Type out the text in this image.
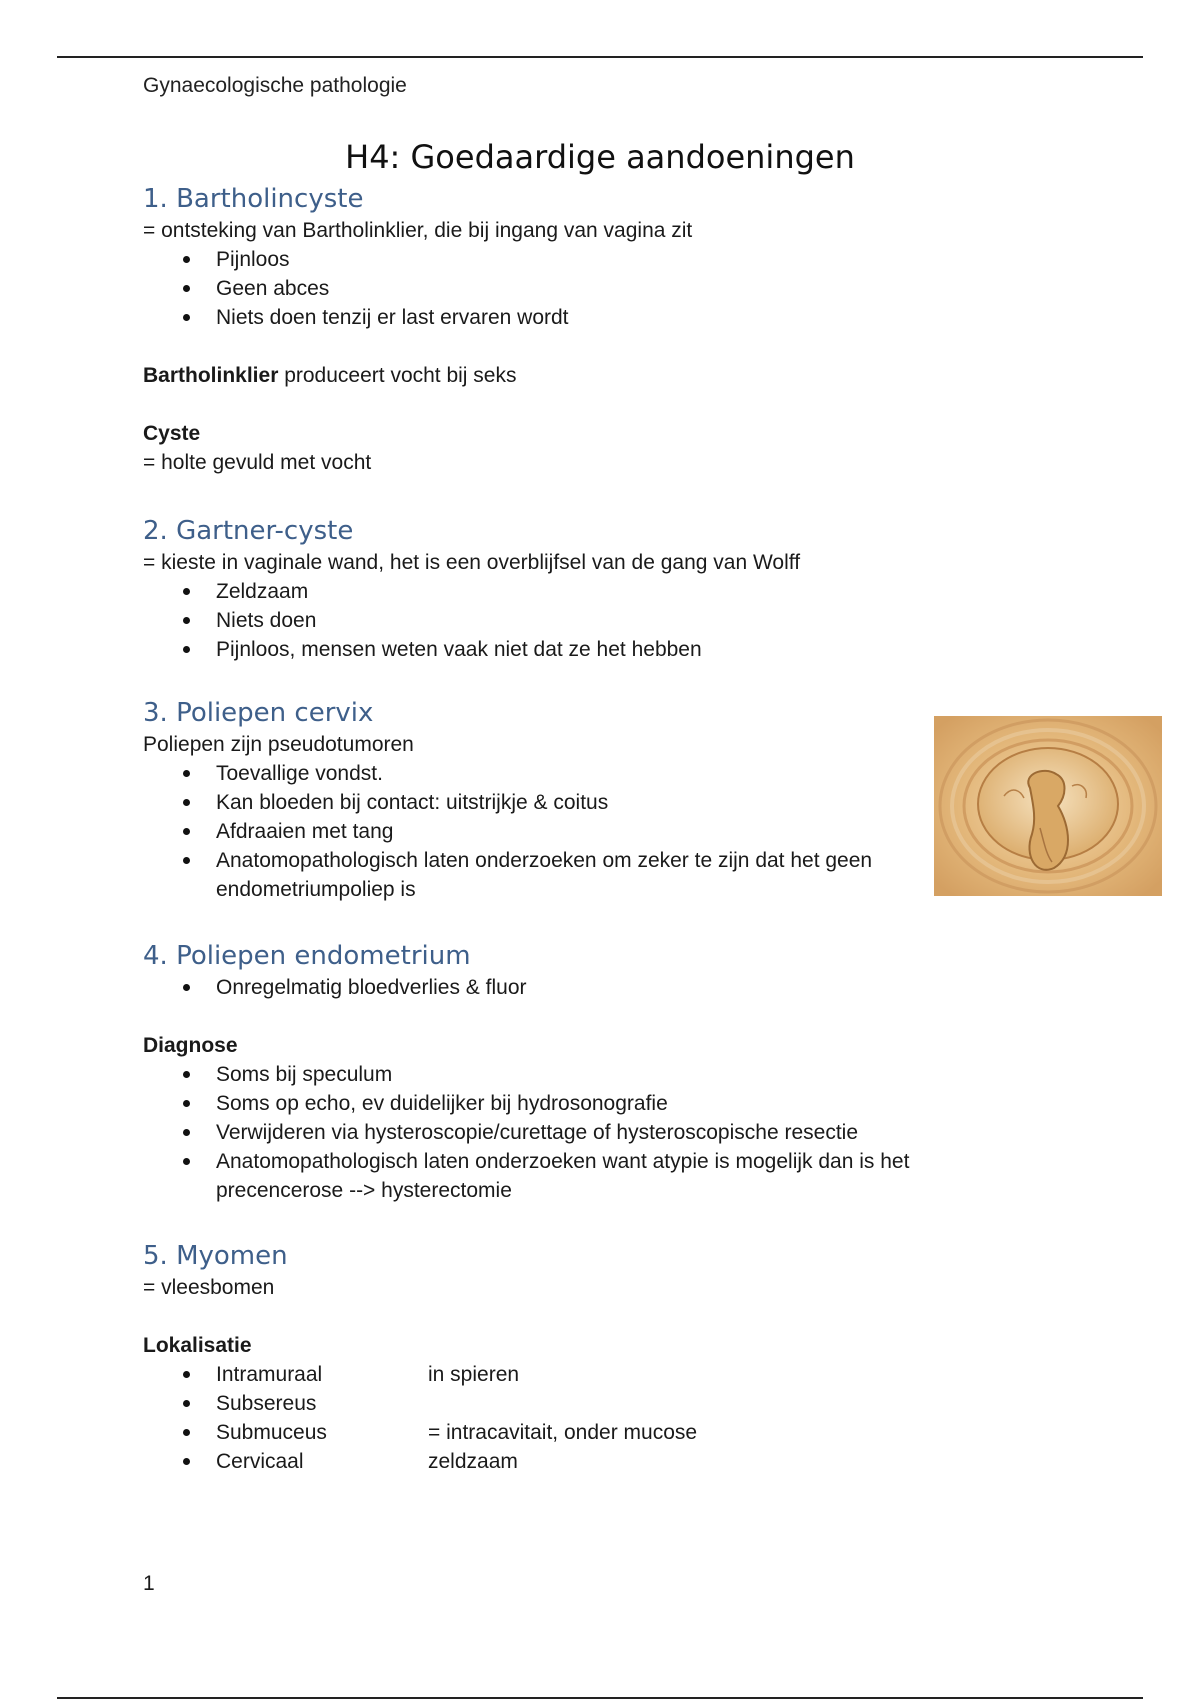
Gynaecologische pathologie
H4: Goedaardige aandoeningen
1. Bartholincyste

= ontsteking van Bartholinklier, die bij ingang van vagina zit

Pijnloos
Geen abces
Niets doen tenzij er last ervaren wordt

Bartholinklier produceert vocht bij seks

Cyste

= holte gevuld met vocht

2. Gartner-cyste

= kieste in vaginale wand, het is een overblijfsel van de gang van Wolff

Zeldzaam
Niets doen
Pijnloos, mensen weten vaak niet dat ze het hebben
3. Poliepen cervix

Poliepen zijn pseudotumoren

Toevallige vondst.
Kan bloeden bij contact: uitstrijkje & coitus
Afdraaien met tang
Anatomopathologisch laten onderzoeken om zeker te zijn dat het geen endometriumpoliep is
4. Poliepen endometrium
Onregelmatig bloedverlies & fluor

Diagnose

Soms bij speculum
Soms op echo, ev duidelijker bij hydrosonografie
Verwijderen via hysteroscopie/curettage of hysteroscopische resectie
Anatomopathologisch laten onderzoeken want atypie is mogelijk dan is het precencerose --> hysterectomie
5. Myomen

= vleesbomen

Lokalisatie

Intramuraal	in spieren
Subsereus
Submuceus	= intracavitait, onder mucose
Cervicaal	zeldzaam
1
